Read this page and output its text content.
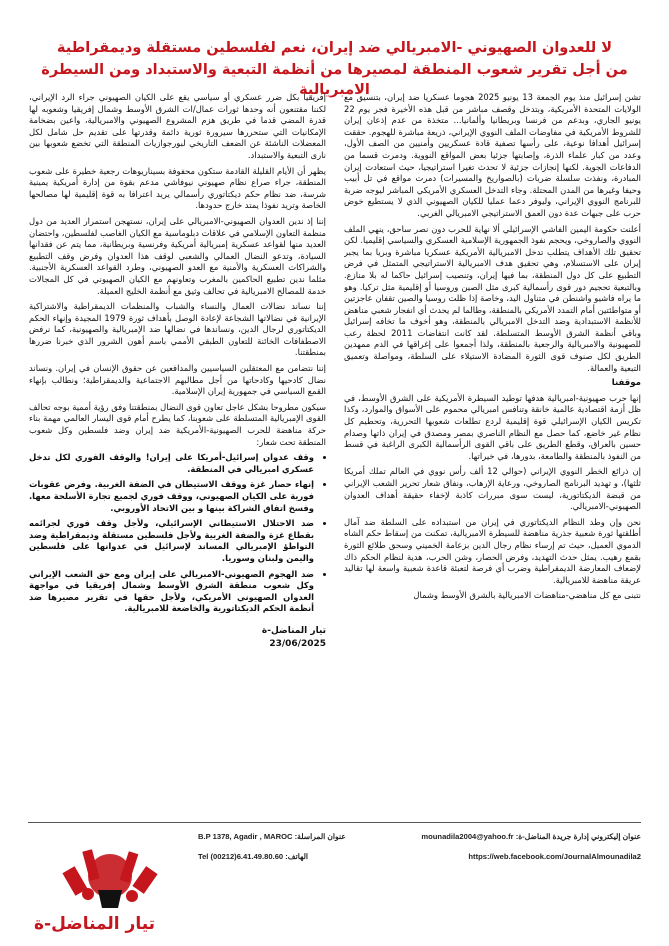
لا للعدوان الصهيوني -الامبريالي ضد إيران، نعم لفلسطين مستقلة وديمقراطية
من أجل تقرير شعوب المنطقة لمصيرها من أنظمة التبعية والاستبداد ومن السيطرة الامبريالية

تشن إسرائيل منذ يوم الجمعة 13 يونيو 2025 هجوما عسكريا ضد إيران، بتنسيق مع الولايات المتحدة الأمريكية، وبتدخل وقصف مباشر من قبل هذه الأخيرة فجر يوم 22 يونيو الجاري، وبدعم من فرنسا وبريطانيا وألمانيا... متخذة من عدم إذعان إيران للشروط الأمريكية في مفاوضات الملف النووي الإيراني، ذريعة مباشرة للهجوم. حققت إسرائيل أهدافا نوعية، على رأسها تصفية قادة عسكريين وأمنيين من الصف الأول، وعدد من كبار علماء الذرة، وإصابتها جزئيا بعض المواقع النووية. ودمرت قسما من الدفاعات الجوية. لكنها إنجازات جزئية لا تحدث تغيرا استراتيجيا، حيث استعادت إيران المبادرة، ونفذت سلسلة ضربات (بالصواريخ والمسيرات) دمرت مواقع في تل أبيب وحيفا وغيرها من المدن المحتلة. وجاء التدخل العسكري الأمريكي المباشر ليوجه ضربة للبرنامج النووي الإيراني، وليوفر دعما عمليا للكيان الصهيوني الذي لا يستطيع خوض حرب على جبهات عدة دون العمق الاستراتيجي الامبريالي الغربي.

أعلنت حكومة اليمين الفاشي الإسرائيلي ألا نهاية للحرب دون نصر ساحق، ينهي الملف النووي والصاروخي، ويحجم نفوذ الجمهورية الإسلامية العسكري والسياسي إقليميا. لكن تحقيق تلك الأهداف يتطلب تدخل الامبريالية الأمريكية عسكريا مباشرة وبريا بما يجبر إيران على الاستسلام، وهي تحقيق هدف الامبريالية الاستراتيجي المتمثل في فرض التطبيع على كل دول المنطقة، بما فيها إيران، وتنصيب إسرائيل حاكما له بلا منازع. وبالتبعية تحجيم دور قوى رأسمالية كبرى مثل الصين وروسيا أو إقليمية مثل تركيا. وهو ما يراه فاشيو واشنطن في متناول اليد، وخاصة إذا ظلت روسيا والصين تقفان عاجزتين أو متواطئتين أمام التمدد الأمريكي بالمنطقة، وطالما لم يحدث أي انفجار شعبي مناهض للأنظمة الاستبدادية وضد التدخل الامبريالي بالمنطقة، وهو أخوف ما تخافه إسرائيل وباقي أنظمة الشرق الأوسط المتسلطة. لقد كانت انتفاضات 2011 لحظة رعب للصهيونية والامبريالية والرجعية بالمنطقة، ولذا أجمعوا على إغراقها في الدم ممهدين الطريق لكل صنوف قوى الثورة المضادة الاستيلاء على السلطة، ومواصلة وتعميق التبعية والعمالة.

موقفنا

إنها حرب صهيونية-امبريالية هدفها توطيد السيطرة الأمريكية على الشرق الأوسط، في ظل أزمة اقتصادية عالمية خانقة وتنافس امبريالي محموم على الأسواق والموارد، وكذا تكريس الكيان الإسرائيلي قوة إقليمية لردع تطلعات شعوبها التحررية، وتحطيم كل نظام غير خاضع، كما حصل مع النظام الناصري بمصر ومصدق في إيران ذاتها وصدام حسين بالعراق، وقطع الطريق على باقي القوى الرأسمالية الكبرى الراغبة في قسط من النفوذ بالمنطقة والطامعة، بدورها، في خيراتها.

إن ذرائع الخطر النووي الإيراني (حوالي 12 ألف رأس نووي في العالم تملك أمريكا ثلثها)، و تهديد البرنامج الصاروخي، ورعاية الإرهاب، ونفاق شعار تحرير الشعب الإيراني من قبضة الديكتاتورية، ليست سوى مبررات كاذبة لإخفاء حقيقة أهداف العدوان الصهيوني-الامبريالي.

نحن وإن وطد النظام الديكتاتوري في إيران من استبداده على السلطة ضد آمال أطلقتها ثورة شعبية جذرية مناهضة للسيطرة الامبريالية، تمكنت من إسقاط حكم الشاه الدموي العميل، حيث تم إرساء نظام رجال الدين بزعامة الخميني وسحق طلائع الثورة بقمع رهيب. يمثل حدث التهديد، وفرض الحصار، وشن الحرب، هدية لنظام الحكم ذاك لإضعاف المعارضة الديمقراطية وضرب أي فرصة لتعبئة قاعدة شعبية واسعة لها تقاليد عريقة مناهضة للامبريالية.

نتبنى مع كل مناهضي-مناهضات الامبريالية بالشرق الأوسط وشمال

إفريقيا بكل ضرر عسكري أو سياسي يقع على الكيان الصهيوني جراء الرد الإيراني، لكننا مقتنعون أنه وحدها ثورات عمال/ات الشرق الأوسط وشمال إفريقيا وشعوبه لها قدرة المضي قدما في طريق هزم المشروع الصهيوني والامبريالية، واعين بضخامة الإمكانيات التي ستحررها سيرورة ثورية دائمة وقدرتها على تقديم حل شامل لكل المعضلات الناشئة عن الضعف التاريخي لبورجوازيات المنطقة التي تخضع شعوبها بين نارى التبعية والاستبداد.

يظهر أن الأيام القليلة القادمة ستكون محفوفة بسيناريوهات رجعية خطيرة على شعوب المنطقة، جراء صراع نظام صهيوني نيوفاشي مدعم بقوة من إدارة أمريكية يمينية شرسة، ضد نظام حكم ديكتاتوري رأسمالي يريد اعترافا به قوة إقليمية لها مصالحها الخاصة وتريد نفوذا يمتد خارج حدودها.

إننا إذ ندين العدوان الصهيوني-الامبريالي على إيران، نستهجن استمرار العديد من دول منظمة التعاون الإسلامي في علاقات دبلوماسية مع الكيان الغاصب لفلسطين، واحتضان العديد منها لقواعد عسكرية إمبريالية أمريكية وفرنسية وبريطانية، مما يتم عن فقدانها السيادة، وتدعو النضال العمالي والشعبي لوقف هذا العدوان وفرض وقف التطبيع والشراكات العسكرية والأمنية مع العدو الصهيوني، وطرد القواعد العسكرية الأجنبية. مثلما ندين تطبيع الحاكمين بالمغرب وتعاونهم مع الكيان الصهيوني في كل المجالات خدمة للمصالح الامبريالية في تحالف وثيق مع أنظمة الخليج العميلة.

إننا نساند نضالات العمال والنساء والشباب والمنظمات الديمقراطية والاشتراكية الإيرانية في نضالاتها الشجاعة لإعادة الوصل بأهداف ثورة 1979 المجيدة وإنهاء الحكم الديكتاتوري لرجال الدين، ونساندها في نضالها ضد الإمبريالية والصهيونية، كما نرفض الاصطفافات الخائنة للتعاون الطبقي الأممي باسم أهون الشرور الذي خبرنا ضررها بمنطقتنا.

إننا نتضامن مع المعتقلين السياسيين والمدافعين عن حقوق الإنسان في إيران. ونساند نضال كادحيها وكادحاتها من أجل مطالبهم الاجتماعية والديمقراطية؛ ونطالب بإنهاء القمع السياسي في جمهورية إيران الإسلامية.

سيكون مطروحا بشكل عاجل تعاون قوى النضال بمنطقتنا وفق رؤية أممية بوجه تحالف القوى الإمبريالية المتسلطة على شعوبنا، كما يطرح أمام قوى اليسار العالمي مهمة بناء حركة مناهضة للحرب الصهيونية-الأمريكية ضد إيران وضد فلسطين وكل شعوب المنطقة تحت شعار:

• وقف عدوان إسرائيل-أمريكا على إيران! والوقف الفوري لكل تدخل عسكري امبريالي في المنطقة.
• إنهاء حصار غزة ووقف الاستيطان في الضفة الغربية. وفرض عقوبات فورية على الكيان الصهيوني، ووقف فوري لجميع تجارة الأسلحة معها. وفسخ اتفاق الشراكة بينها و بين الاتحاد الأوروبي.
• ضد الاحتلال الاستيطاني الإسرائيلي، ولأجل وقف فوري لجرائمه بقطاع غزة والضفة الغربية ولأجل فلسطين مستقلة وديمقراطية وضد التواطؤ الإمبريالي المساند لإسرائيل في عدوانها على فلسطين واليمن ولبنان وسوريا.
• ضد الهجوم الصهيوني-الامبريالي على إيران ومع حق الشعب الإيراني وكل شعوب منطقة الشرق الأوسط وشمال إفريقيا في مواجهة العدوان الصهيوني الأمريكي، ولأجل حقها في تقرير مصيرها ضد أنظمة الحكم الديكتاتورية والخاضعة للامبريالية.
تيار المناضل-ة
23/06/2025
عنوان إليكتروني إدارة جريدة المناضل-ة: mounadila2004@yahoo.fr
عنوان المراسلة: B.P 1378, Agadir , MAROC
https://web.facebook.com/JournalAlmounadila2
الهاتف: Tel (00212)6.41.49.80.60
تيار المناضل-ة
